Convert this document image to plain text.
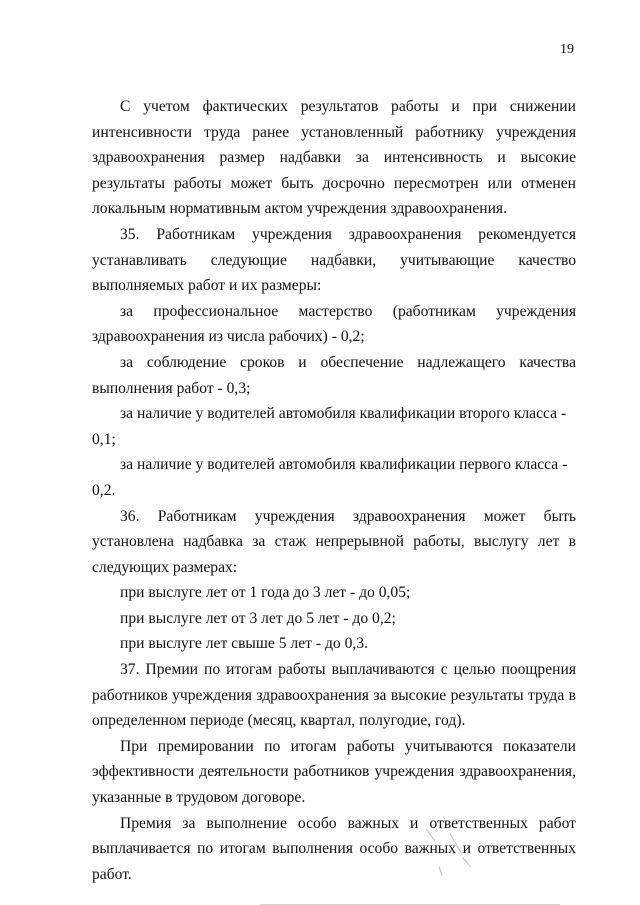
19

С учетом фактических результатов работы и при снижении интенсивности труда ранее установленный работнику учреждения здравоохранения размер надбавки за интенсивность и высокие результаты работы может быть досрочно пересмотрен или отменен локальным нормативным актом учреждения здравоохранения.

35. Работникам учреждения здравоохранения рекомендуется устанавливать следующие надбавки, учитывающие качество выполняемых работ и их размеры:

за профессиональное мастерство (работникам учреждения здравоохранения из числа рабочих) - 0,2;

за соблюдение сроков и обеспечение надлежащего качества выполнения работ - 0,3;

за наличие у водителей автомобиля квалификации второго класса - 0,1;

за наличие у водителей автомобиля квалификации первого класса - 0,2.

36. Работникам учреждения здравоохранения может быть установлена надбавка за стаж непрерывной работы, выслугу лет в следующих размерах:

при выслуге лет от 1 года до 3 лет - до 0,05;

при выслуге лет от 3 лет до 5 лет - до 0,2;

при выслуге лет свыше 5 лет - до 0,3.

37. Премии по итогам работы выплачиваются с целью поощрения работников учреждения здравоохранения за высокие результаты труда в определенном периоде (месяц, квартал, полугодие, год).

При премировании по итогам работы учитываются показатели эффективности деятельности работников учреждения здравоохранения, указанные в трудовом договоре.

Премия за выполнение особо важных и ответственных работ выплачивается по итогам выполнения особо важных и ответственных работ.
